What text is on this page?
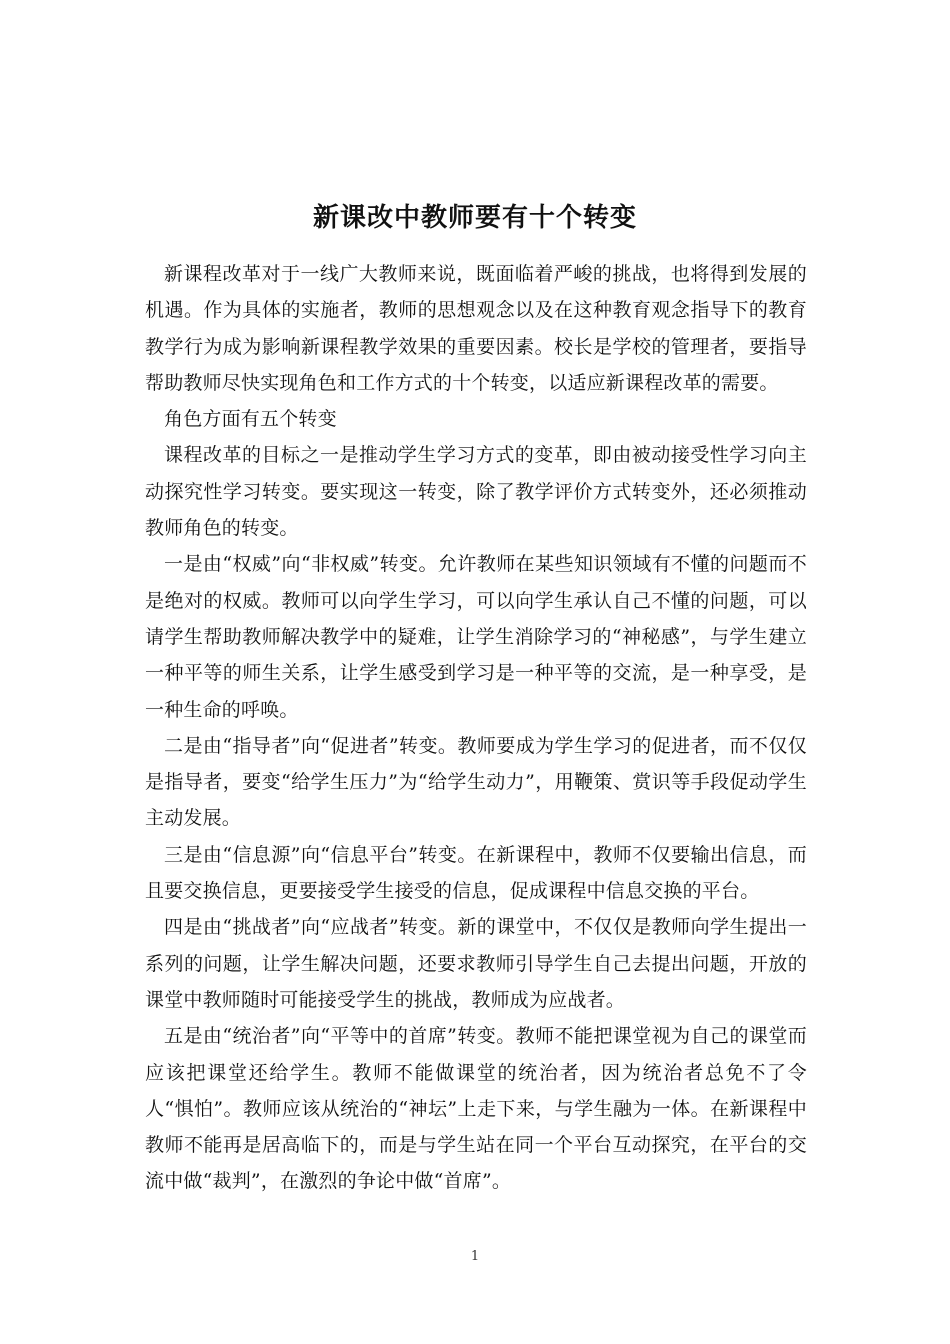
新课改中教师要有十个转变

新课程改革对于一线广大教师来说，既面临着严峻的挑战，也将得到发展的机遇。作为具体的实施者，教师的思想观念以及在这种教育观念指导下的教育教学行为成为影响新课程教学效果的重要因素。校长是学校的管理者，要指导帮助教师尽快实现角色和工作方式的十个转变，以适应新课程改革的需要。

角色方面有五个转变

课程改革的目标之一是推动学生学习方式的变革，即由被动接受性学习向主动探究性学习转变。要实现这一转变，除了教学评价方式转变外，还必须推动教师角色的转变。

一是由“权威”向“非权威”转变。允许教师在某些知识领域有不懂的问题而不是绝对的权威。教师可以向学生学习，可以向学生承认自己不懂的问题，可以请学生帮助教师解决教学中的疑难，让学生消除学习的“神秘感”，与学生建立一种平等的师生关系，让学生感受到学习是一种平等的交流，是一种享受，是一种生命的呼唤。

二是由“指导者”向“促进者”转变。教师要成为学生学习的促进者，而不仅仅是指导者，要变“给学生压力”为“给学生动力”，用鞭策、赏识等手段促动学生主动发展。

三是由“信息源”向“信息平台”转变。在新课程中，教师不仅要输出信息，而且要交换信息，更要接受学生接受的信息，促成课程中信息交换的平台。

四是由“挑战者”向“应战者”转变。新的课堂中，不仅仅是教师向学生提出一系列的问题，让学生解决问题，还要求教师引导学生自己去提出问题，开放的课堂中教师随时可能接受学生的挑战，教师成为应战者。

五是由“统治者”向“平等中的首席”转变。教师不能把课堂视为自己的课堂而应该把课堂还给学生。教师不能做课堂的统治者，因为统治者总免不了令人“惧怕”。教师应该从统治的“神坛”上走下来，与学生融为一体。在新课程中教师不能再是居高临下的，而是与学生站在同一个平台互动探究，在平台的交流中做“裁判”，在激烈的争论中做“首席”。

1
